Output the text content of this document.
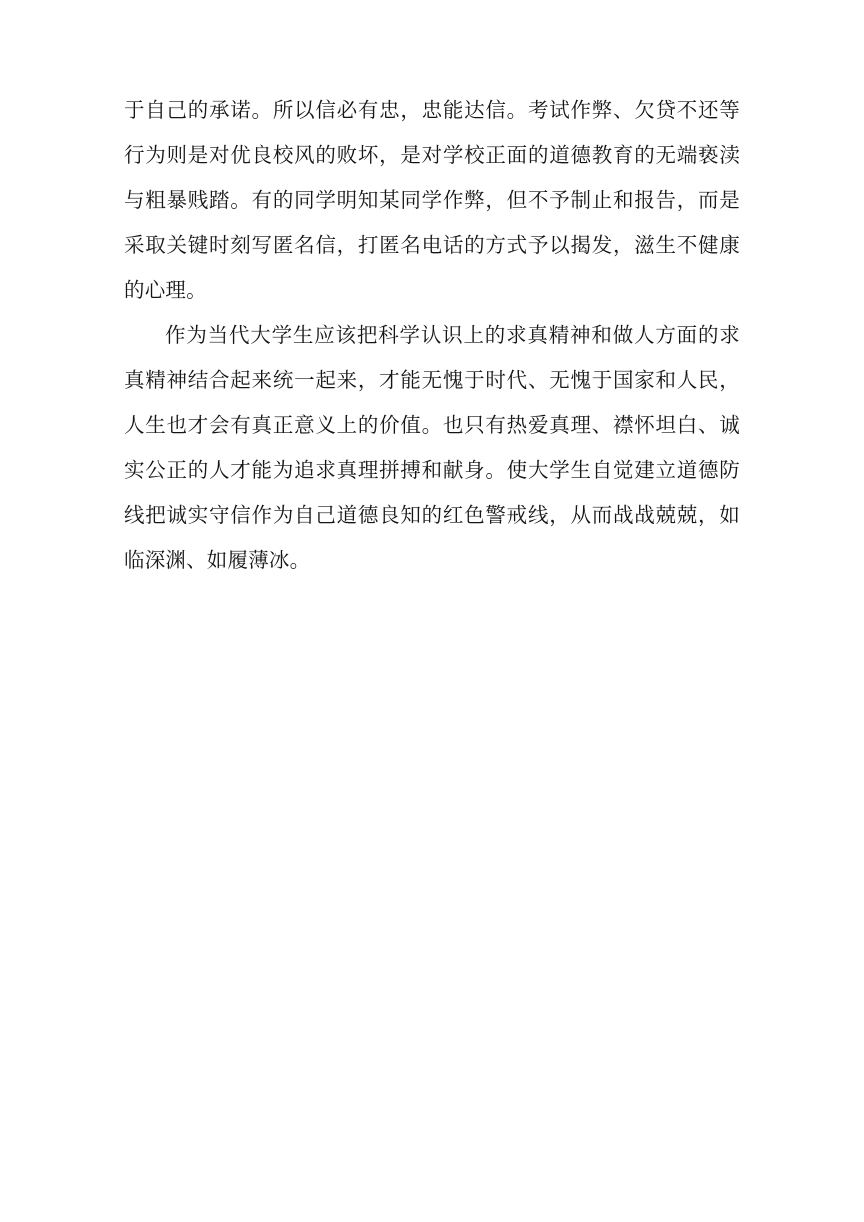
于自己的承诺。所以信必有忠，忠能达信。考试作弊、欠贷不还等行为则是对优良校风的败坏，是对学校正面的道德教育的无端亵渎与粗暴贱踏。有的同学明知某同学作弊，但不予制止和报告，而是采取关键时刻写匿名信，打匿名电话的方式予以揭发，滋生不健康的心理。

作为当代大学生应该把科学认识上的求真精神和做人方面的求真精神结合起来统一起来，才能无愧于时代、无愧于国家和人民，人生也才会有真正意义上的价值。也只有热爱真理、襟怀坦白、诚实公正的人才能为追求真理拼搏和献身。使大学生自觉建立道德防线把诚实守信作为自己道德良知的红色警戒线，从而战战兢兢，如临深渊、如履薄冰。
